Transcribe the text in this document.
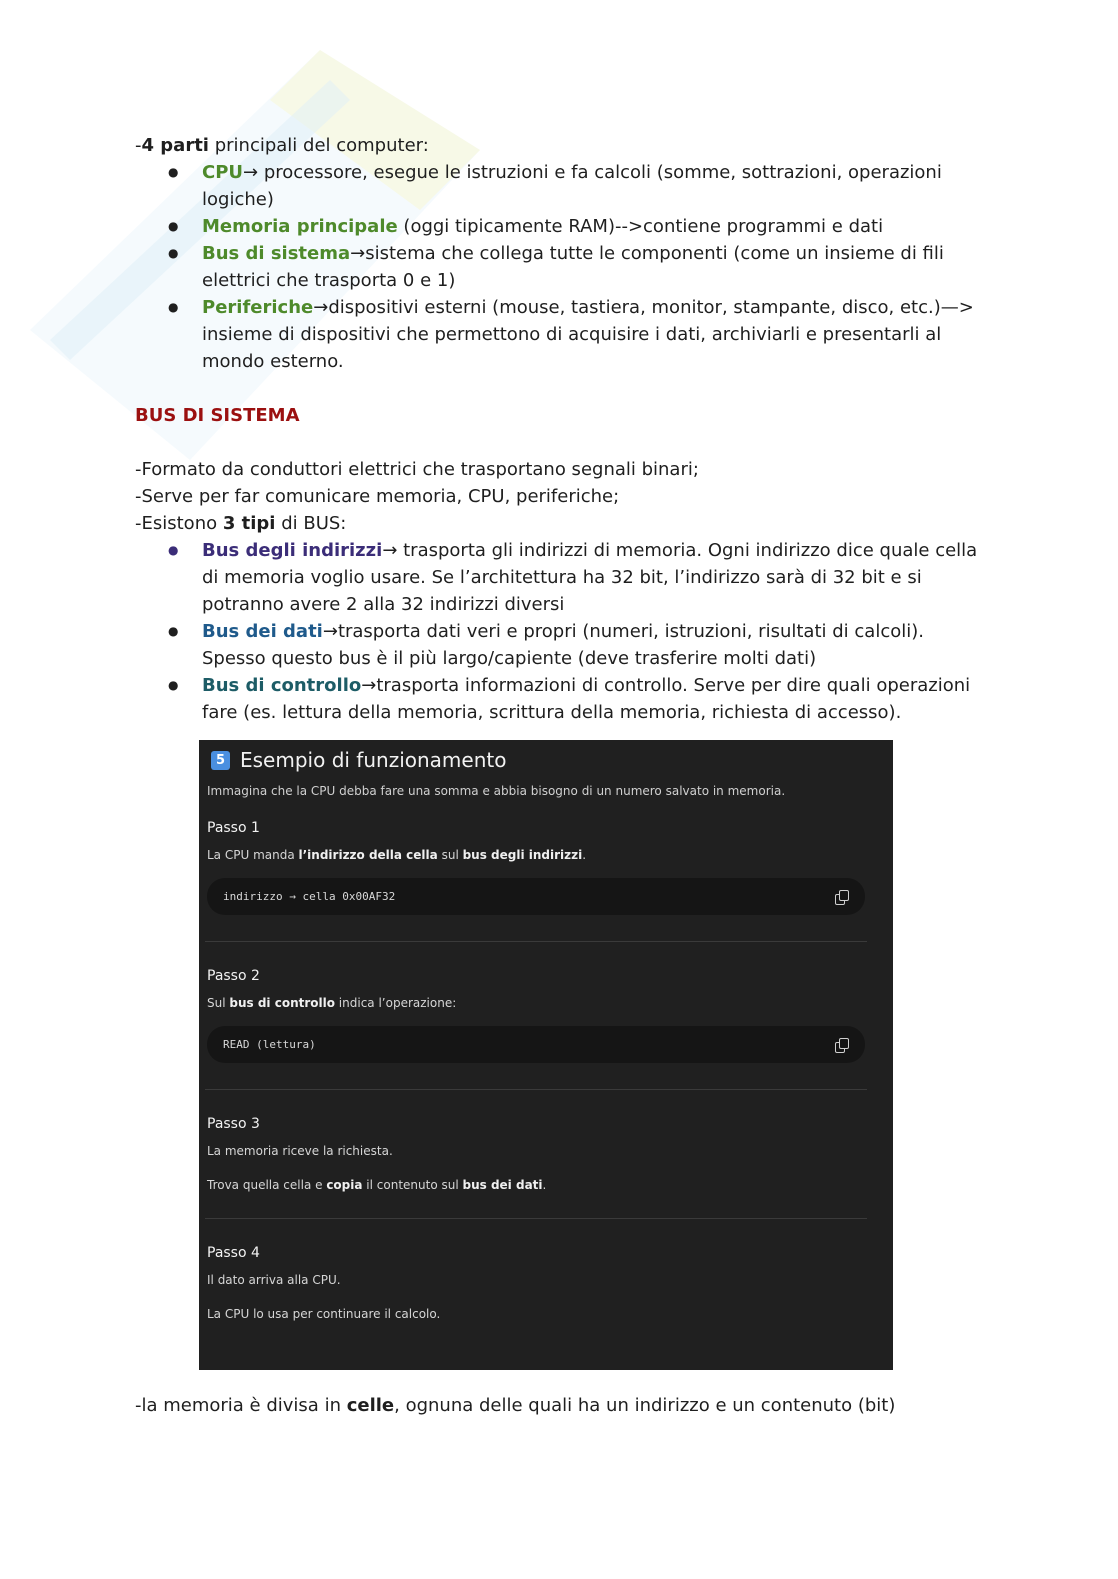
-4 parti principali del computer:

● CPU→ processore, esegue le istruzioni e fa calcoli (somme, sottrazioni, operazioni logiche)
● Memoria principale (oggi tipicamente RAM)-->contiene programmi e dati
● Bus di sistema→sistema che collega tutte le componenti (come un insieme di fili elettrici che trasporta 0 e 1)
● Periferiche→dispositivi esterni (mouse, tastiera, monitor, stampante, disco, etc.)—> insieme di dispositivi che permettono di acquisire i dati, archiviarli e presentarli al mondo esterno.
BUS DI SISTEMA

-Formato da conduttori elettrici che trasportano segnali binari;

-Serve per far comunicare memoria, CPU, periferiche;

-Esistono 3 tipi di BUS:

● Bus degli indirizzi→ trasporta gli indirizzi di memoria. Ogni indirizzo dice quale cella di memoria voglio usare. Se l’architettura ha 32 bit, l’indirizzo sarà di 32 bit e si potranno avere 2 alla 32 indirizzi diversi
● Bus dei dati→trasporta dati veri e propri (numeri, istruzioni, risultati di calcoli). Spesso questo bus è il più largo/capiente (deve trasferire molti dati)
● Bus di controllo→trasporta informazioni di controllo. Serve per dire quali operazioni fare (es. lettura della memoria, scrittura della memoria, richiesta di accesso).
5 Esempio di funzionamento
Immagina che la CPU debba fare una somma e abbia bisogno di un numero salvato in memoria.
Passo 1
La CPU manda l’indirizzo della cella sul bus degli indirizzi.
indirizzo → cella 0x00AF32
Passo 2
Sul bus di controllo indica l’operazione:
READ (lettura)
Passo 3
La memoria riceve la richiesta.
Trova quella cella e copia il contenuto sul bus dei dati.
Passo 4
Il dato arriva alla CPU.
La CPU lo usa per continuare il calcolo.

-la memoria è divisa in celle, ognuna delle quali ha un indirizzo e un contenuto (bit)
